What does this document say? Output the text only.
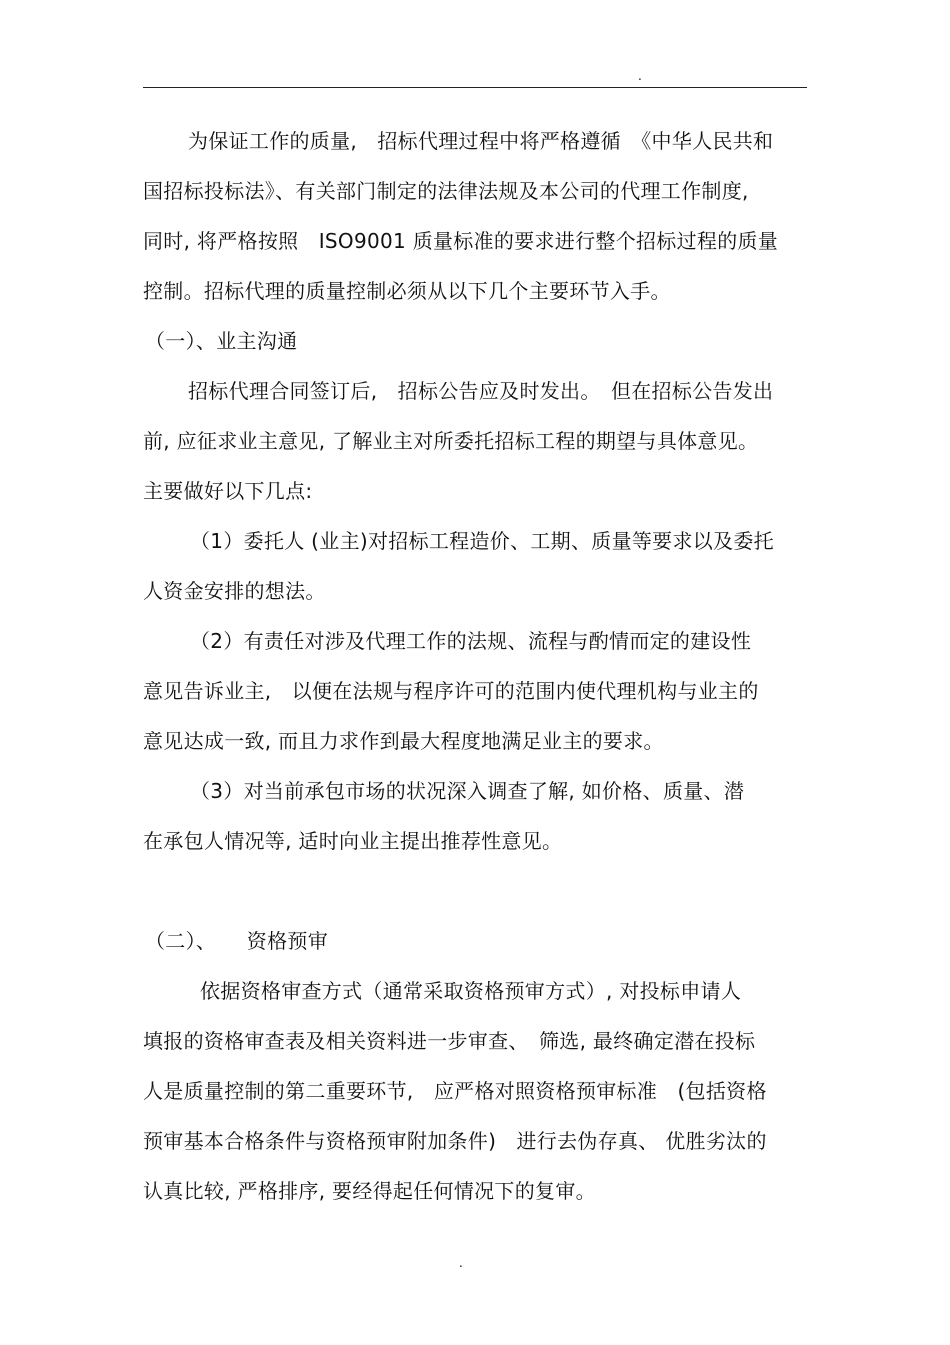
.
为保证工作的质量,　招标代理过程中将严格遵循　《中华人民共和
国招标投标法》、有关部门制定的法律法规及本公司的代理工作制度,
同时, 将严格按照　ISO9001 质量标准的要求进行整个招标过程的质量
控制。招标代理的质量控制必须从以下几个主要环节入手。
（一）、业主沟通
招标代理合同签订后,　招标公告应及时发出。　但在招标公告发出
前, 应征求业主意见, 了解业主对所委托招标工程的期望与具体意见。
主要做好以下几点:
（1）委托人 (业主)对招标工程造价、工期、质量等要求以及委托
人资金安排的想法。
（2）有责任对涉及代理工作的法规、流程与酌情而定的建设性
意见告诉业主,　以便在法规与程序许可的范围内使代理机构与业主的
意见达成一致, 而且力求作到最大程度地满足业主的要求。
（3）对当前承包市场的状况深入调查了解, 如价格、质量、潜
在承包人情况等, 适时向业主提出推荐性意见。
（二）、　　资格预审
依据资格审查方式（通常采取资格预审方式）, 对投标申请人
填报的资格审查表及相关资料进一步审查、　筛选, 最终确定潜在投标
人是质量控制的第二重要环节,　应严格对照资格预审标准　(包括资格
预审基本合格条件与资格预审附加条件)　进行去伪存真、 优胜劣汰的
认真比较, 严格排序, 要经得起任何情况下的复审。
.
